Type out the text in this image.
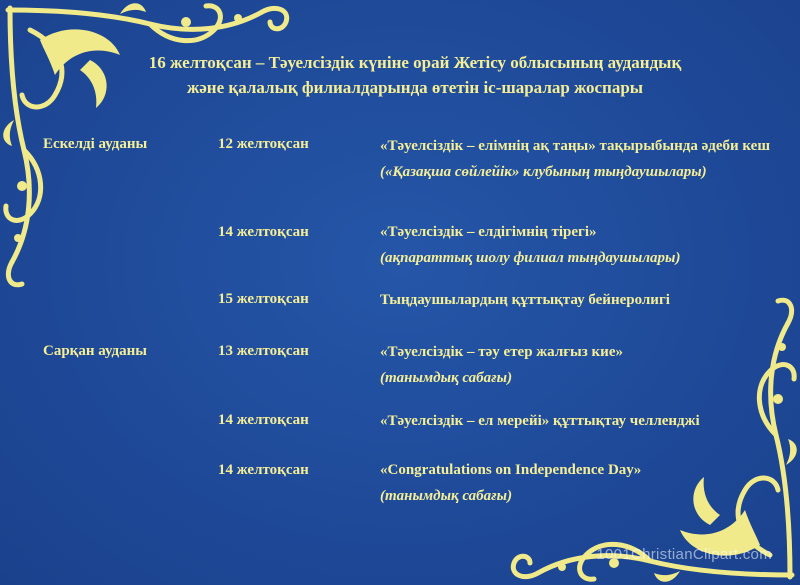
16 желтоқсан – Тәуелсіздік күніне орай Жетісу облысының аудандық
және қалалық филиалдарында өтетін іс-шаралар жоспары
Ескелді ауданы	12 желтоқсан	«Тәуелсіздік – елімнің ақ таңы» тақырыбында әдеби кеш («Қазақша сөйлейік» клубының тыңдаушылары)
14 желтоқсан	«Тәуелсіздік – елдігімнің тірегі»
(ақпараттық шолу филиал тыңдаушылары)
15 желтоқсан	Тыңдаушылардың құттықтау бейнеролигі
Сарқан ауданы	13 желтоқсан	«Тәуелсіздік – тәу етер жалғыз кие»
(танымдық сабағы)
14 желтоқсан	«Тәуелсіздік – ел мерейі» құттықтау челленджі
14 желтоқсан	«Congratulations on Independence Day»
(танымдық сабағы)
1001ChristianClipart.com
